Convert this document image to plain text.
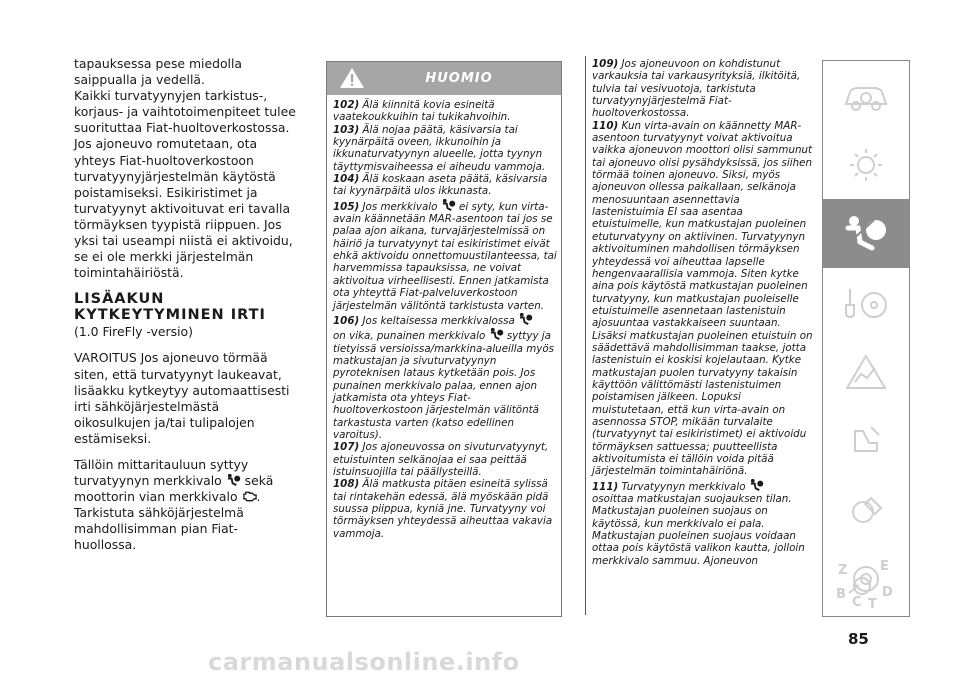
tapauksessa pese miedolla saippualla ja vedellä.

Kaikki turvatyynyjen tarkistus-, korjaus- ja vaihtotoimenpiteet tulee suorituttaa Fiat-huoltoverkostossa.

Jos ajoneuvo romutetaan, ota yhteys Fiat-huoltoverkostoon turvatyynyjärjestelmän käytöstä poistamiseksi. Esikiristimet ja turvatyynyt aktivoituvat eri tavalla törmäyksen tyypistä riippuen. Jos yksi tai useampi niistä ei aktivoidu, se ei ole merkki järjestelmän toimintahäiriöstä.

LISÄAKUN KYTKEYTYMINEN IRTI

(1.0 FireFly -versio)

VAROITUS Jos ajoneuvo törmää siten, että turvatyynyt laukeavat, lisäakku kytkeytyy automaattisesti irti sähköjärjestelmästä oikosulkujen ja/tai tulipalojen estämiseksi.

Tällöin mittaritauluun syttyy turvatyynyn merkkivalo sekä moottorin vian merkkivalo .

Tarkistuta sähköjärjestelmä mahdollisimman pian Fiat-huollossa.

HUOMIO

102) Älä kiinnitä kovia esineitä vaatekoukkuihin tai tukikahvoihin.

103) Älä nojaa päätä, käsivarsia tai kyynärpäitä oveen, ikkunoihin ja ikkunaturvatyynyn alueelle, jotta tyynyn täyttymisvaiheessa ei aiheudu vammoja.

104) Älä koskaan aseta päätä, käsivarsia tai kyynärpäitä ulos ikkunasta.

105) Jos merkkivalo ei syty, kun virta-avain käännetään MAR-asentoon tai jos se palaa ajon aikana, turvajärjestelmissä on häiriö ja turvatyynyt tai esikiristimet eivät ehkä aktivoidu onnettomuustilanteessa, tai harvemmissa tapauksissa, ne voivat aktivoitua virheellisesti. Ennen jatkamista ota yhteyttä Fiat-palveluverkostoon järjestelmän välitöntä tarkistusta varten.

106) Jos keltaisessa merkkivalossa
on vika, punainen merkkivalo syttyy ja tietyissä versioissa/markkina-alueilla myös matkustajan ja sivuturvatyynyn pyroteknisen lataus kytketään pois. Jos punainen merkkivalo palaa, ennen ajon jatkamista ota yhteys Fiat-huoltoverkostoon järjestelmän välitöntä tarkastusta varten (katso edellinen varoitus).

107) Jos ajoneuvossa on sivuturvatyynyt, etuistuinten selkänojaa ei saa peittää istuinsuojilla tai päällysteillä.

108) Älä matkusta pitäen esineitä sylissä tai rintakehän edessä, älä myöskään pidä suussa piippua, kyniä jne. Turvatyyny voi törmäyksen yhteydessä aiheuttaa vakavia vammoja.

109) Jos ajoneuvoon on kohdistunut varkauksia tai varkausyrityksiä, ilkitöitä, tulvia tai vesivuotoja, tarkistuta turvatyynyjärjestelmä Fiat-huoltoverkostossa.

110) Kun virta-avain on käännetty MAR-asentoon turvatyynyt voivat aktivoitua vaikka ajoneuvon moottori olisi sammunut tai ajoneuvo olisi pysähdyksissä, jos siihen törmää toinen ajoneuvo. Siksi, myös ajoneuvon ollessa paikallaan, selkänoja menosuuntaan asennettavia lastenistuimia EI saa asentaa etuistuimelle, kun matkustajan puoleinen etuturvatyyny on aktiivinen. Turvatyynyn aktivoituminen mahdollisen törmäyksen yhteydessä voi aiheuttaa lapselle hengenvaarallisia vammoja. Siten kytke aina pois käytöstä matkustajan puoleinen turvatyyny, kun matkustajan puoleiselle etuistuimelle asennetaan lastenistuin ajosuuntaa vastakkaiseen suuntaan. Lisäksi matkustajan puoleinen etuistuin on säädettävä mahdollisimman taakse, jotta lastenistuin ei koskisi kojelautaan. Kytke matkustajan puolen turvatyyny takaisin käyttöön välittömästi lastenistuimen poistamisen jälkeen. Lopuksi muistutetaan, että kun virta-avain on asennossa STOP, mikään turvalaite (turvatyynyt tai esikiristimet) ei aktivoidu törmäyksen sattuessa; puutteellista aktivoitumista ei tällöin voida pitää järjestelmän toimintahäiriönä.

111) Turvatyynyn merkkivalo
osoittaa matkustajan suojauksen tilan. Matkustajan puoleinen suojaus on käytössä, kun merkkivalo ei pala. Matkustajan puoleinen suojaus voidaan ottaa pois käytöstä valikon kautta, jolloin merkkivalo sammuu. Ajoneuvon

Z	E
B	D
C T
85
carmanualsonline.info
